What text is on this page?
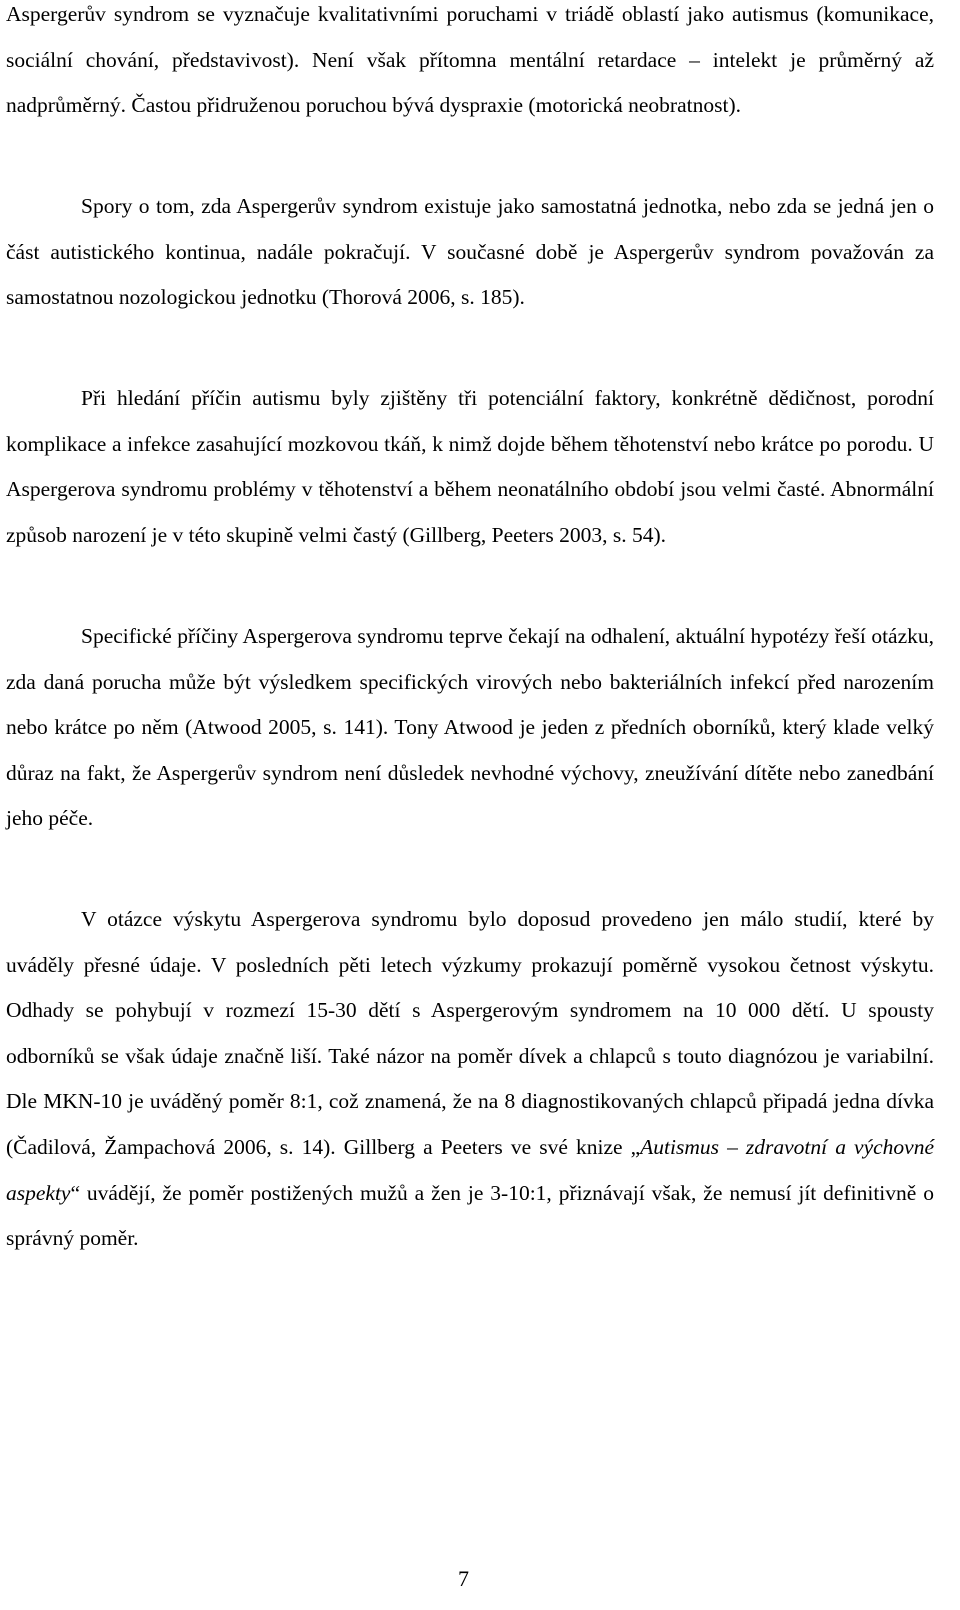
Aspergerův syndrom se vyznačuje kvalitativními poruchami v triádě oblastí jako autismus (komunikace, sociální chování, představivost). Není však přítomna mentální retardace – intelekt je průměrný až nadprůměrný. Častou přidruženou poruchou bývá dyspraxie (motorická neobratnost).

Spory o tom, zda Aspergerův syndrom existuje jako samostatná jednotka, nebo zda se jedná jen o část autistického kontinua, nadále pokračují. V současné době je Aspergerův syndrom považován za samostatnou nozologickou jednotku (Thorová 2006, s. 185).

Při hledání příčin autismu byly zjištěny tři potenciální faktory, konkrétně dědičnost, porodní komplikace a infekce zasahující mozkovou tkáň, k nimž dojde během těhotenství nebo krátce po porodu. U Aspergerova syndromu problémy v těhotenství a během neonatálního období jsou velmi časté. Abnormální způsob narození je v této skupině velmi častý (Gillberg, Peeters 2003, s. 54).

Specifické příčiny Aspergerova syndromu teprve čekají na odhalení, aktuální hypotézy řeší otázku, zda daná porucha může být výsledkem specifických virových nebo bakteriálních infekcí před narozením nebo krátce po něm (Atwood 2005, s. 141). Tony Atwood je jeden z předních oborníků, který klade velký důraz na fakt, že Aspergerův syndrom není důsledek nevhodné výchovy, zneužívání dítěte nebo zanedbání jeho péče.

V otázce výskytu Aspergerova syndromu bylo doposud provedeno jen málo studií, které by uváděly přesné údaje. V posledních pěti letech výzkumy prokazují poměrně vysokou četnost výskytu. Odhady se pohybují v rozmezí 15-30 dětí s Aspergerovým syndromem na 10 000 dětí. U spousty odborníků se však údaje značně liší. Také názor na poměr dívek a chlapců s touto diagnózou je variabilní. Dle MKN-10 je uváděný poměr 8:1, což znamená, že na 8 diagnostikovaných chlapců připadá jedna dívka (Čadilová, Žampachová 2006, s. 14). Gillberg a Peeters ve své knize „Autismus – zdravotní a výchovné aspekty“ uvádějí, že poměr postižených mužů a žen je 3-10:1, přiznávají však, že nemusí jít definitivně o správný poměr.

7
